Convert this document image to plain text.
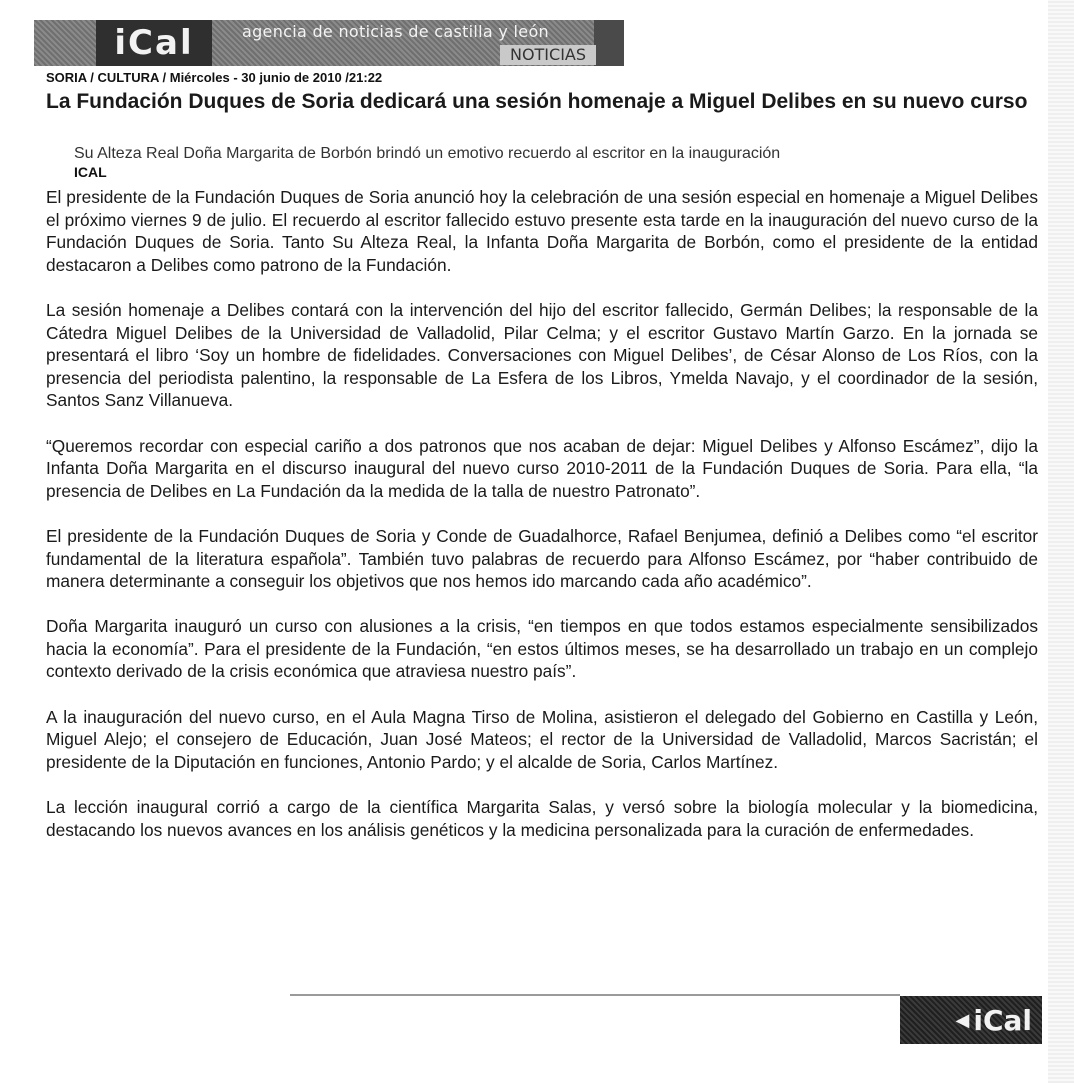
iCal	agencia de noticias de castilla y león
NOTICIAS
SORIA / CULTURA / Miércoles - 30 junio de 2010 /21:22
La Fundación Duques de Soria dedicará una sesión homenaje a Miguel Delibes en su nuevo curso
Su Alteza Real Doña Margarita de Borbón brindó un emotivo recuerdo al escritor en la inauguración
ICAL

El presidente de la Fundación Duques de Soria anunció hoy la celebración de una sesión especial en homenaje a Miguel Delibes el próximo viernes 9 de julio. El recuerdo al escritor fallecido estuvo presente esta tarde en la inauguración del nuevo curso de la Fundación Duques de Soria. Tanto Su Alteza Real, la Infanta Doña Margarita de Borbón, como el presidente de la entidad destacaron a Delibes como patrono de la Fundación.

La sesión homenaje a Delibes contará con la intervención del hijo del escritor fallecido, Germán Delibes; la responsable de la Cátedra Miguel Delibes de la Universidad de Valladolid, Pilar Celma; y el escritor Gustavo Martín Garzo. En la jornada se presentará el libro ‘Soy un hombre de fidelidades. Conversaciones con Miguel Delibes’, de César Alonso de Los Ríos, con la presencia del periodista palentino, la responsable de La Esfera de los Libros, Ymelda Navajo, y el coordinador de la sesión, Santos Sanz Villanueva.

“Queremos recordar con especial cariño a dos patronos que nos acaban de dejar: Miguel Delibes y Alfonso Escámez”, dijo la Infanta Doña Margarita en el discurso inaugural del nuevo curso 2010-2011 de la Fundación Duques de Soria. Para ella, “la presencia de Delibes en La Fundación da la medida de la talla de nuestro Patronato”.

El presidente de la Fundación Duques de Soria y Conde de Guadalhorce, Rafael Benjumea, definió a Delibes como “el escritor fundamental de la literatura española”. También tuvo palabras de recuerdo para Alfonso Escámez, por “haber contribuido de manera determinante a conseguir los objetivos que nos hemos ido marcando cada año académico”.

Doña Margarita inauguró un curso con alusiones a la crisis, “en tiempos en que todos estamos especialmente sensibilizados hacia la economía”. Para el presidente de la Fundación, “en estos últimos meses, se ha desarrollado un trabajo en un complejo contexto derivado de la crisis económica que atraviesa nuestro país”.

A la inauguración del nuevo curso, en el Aula Magna Tirso de Molina, asistieron el delegado del Gobierno en Castilla y León, Miguel Alejo; el consejero de Educación, Juan José Mateos; el rector de la Universidad de Valladolid, Marcos Sacristán; el presidente de la Diputación en funciones, Antonio Pardo; y el alcalde de Soria, Carlos Martínez.

La lección inaugural corrió a cargo de la científica Margarita Salas, y versó sobre la biología molecular y la biomedicina, destacando los nuevos avances en los análisis genéticos y la medicina personalizada para la curación de enfermedades.

◀ iCal
